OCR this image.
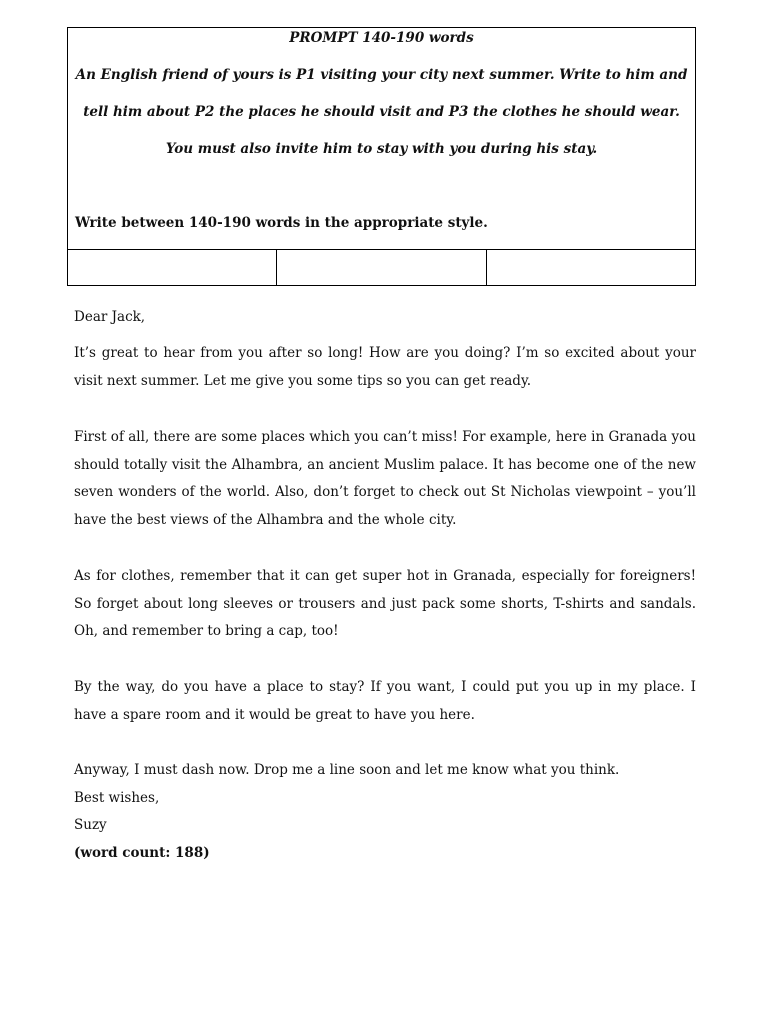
PROMPT 140-190 words
An English friend of yours is P1 visiting your city next summer. Write to him and
tell him about P2 the places he should visit and P3 the clothes he should wear.
You must also invite him to stay with you during his stay.
Write between 140-190 words in the appropriate style.
Dear Jack,

It’s great to hear from you after so long! How are you doing? I’m so excited about your visit next summer. Let me give you some tips so you can get ready.

First of all, there are some places which you can’t miss! For example, here in Granada you should totally visit the Alhambra, an ancient Muslim palace. It has become one of the new seven wonders of the world. Also, don’t forget to check out St Nicholas viewpoint – you’ll have the best views of the Alhambra and the whole city.

As for clothes, remember that it can get super hot in Granada, especially for foreigners! So forget about long sleeves or trousers and just pack some shorts, T-shirts and sandals. Oh, and remember to bring a cap, too!

By the way, do you have a place to stay? If you want, I could put you up in my place. I have a spare room and it would be great to have you here.

Anyway, I must dash now. Drop me a line soon and let me know what you think.
Best wishes,
Suzy
(word count: 188)
